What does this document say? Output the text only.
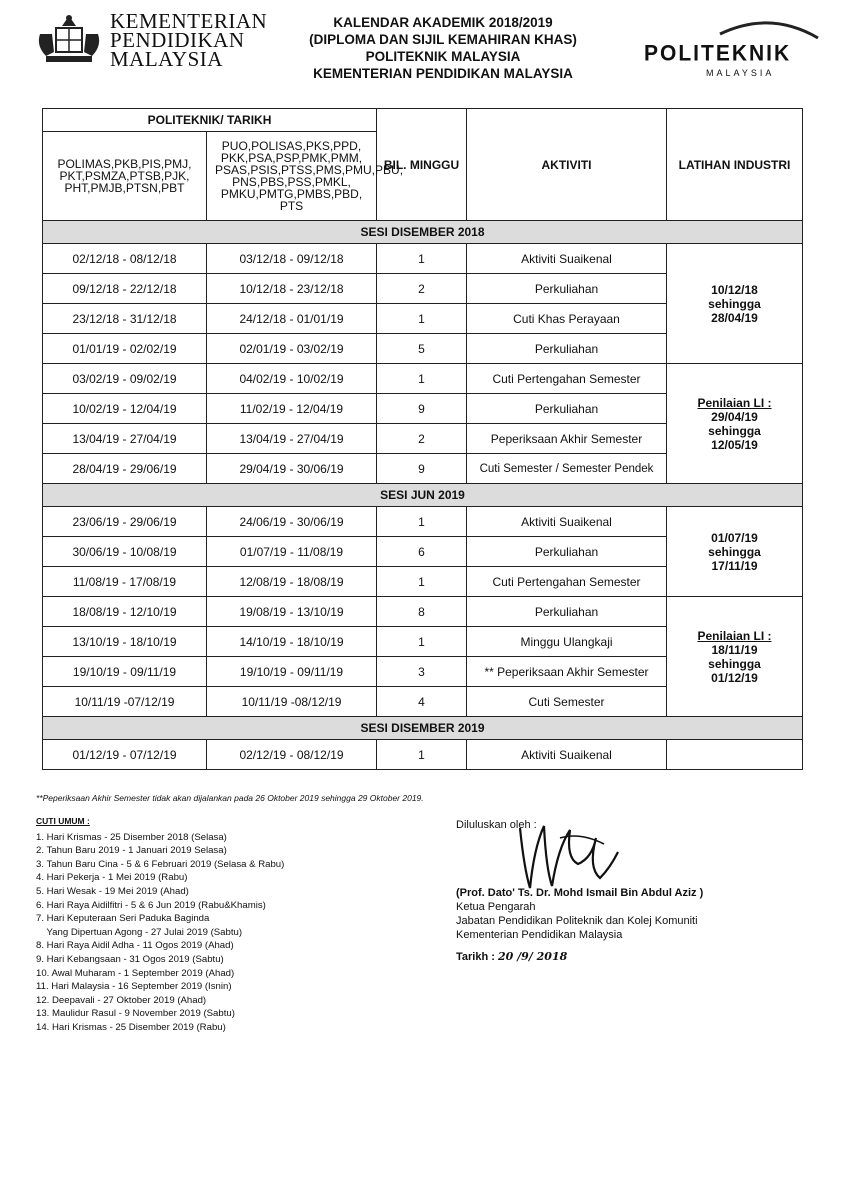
KEMENTERIAN
PENDIDIKAN
MALAYSIA
KALENDAR AKADEMIK 2018/2019
(DIPLOMA DAN SIJIL KEMAHIRAN KHAS)
POLITEKNIK MALAYSIA
KEMENTERIAN PENDIDIKAN MALAYSIA
POLITEKNIK
MALAYSIA
POLITEKNIK/ TARIKH		BIL. MINGGU	AKTIVITI	LATIHAN INDUSTRI
POLIMAS,PKB,PIS,PMJ, PKT,PSMZA,PTSB,PJK, PHT,PMJB,PTSN,PBT	PUO,POLISAS,PKS,PPD, PKK,PSA,PSP,PMK,PMM, PSAS,PSIS,PTSS,PMS,PMU,PBU, PNS,PBS,PSS,PMKL, PMKU,PMTG,PMBS,PBD, PTS			
SESI DISEMBER 2018				
02/12/18 - 08/12/18	03/12/18 - 09/12/18	1	Aktiviti Suaikenal	10/12/18
sehingga
28/04/19

09/12/18 - 22/12/18	10/12/18 - 23/12/18	2	Perkuliahan	
23/12/18 - 31/12/18	24/12/18 - 01/01/19	1	Cuti Khas Perayaan	
01/01/19 - 02/02/19	02/01/19 - 03/02/19	5	Perkuliahan	
03/02/19 - 09/02/19	04/02/19 - 10/02/19	1	Cuti Pertengahan Semester	Penilaian LI :
29/04/19
sehingga
12/05/19

10/02/19 - 12/04/19	11/02/19 - 12/04/19	9	Perkuliahan	
13/04/19 - 27/04/19	13/04/19 - 27/04/19	2	Peperiksaan Akhir Semester	
28/04/19 - 29/06/19	29/04/19 - 30/06/19	9	Cuti Semester / Semester Pendek	
SESI JUN 2019				
23/06/19 - 29/06/19	24/06/19 - 30/06/19	1	Aktiviti Suaikenal	01/07/19
sehingga
17/11/19

30/06/19 - 10/08/19	01/07/19 - 11/08/19	6	Perkuliahan	
11/08/19 - 17/08/19	12/08/19 - 18/08/19	1	Cuti Pertengahan Semester	
18/08/19 - 12/10/19	19/08/19 - 13/10/19	8	Perkuliahan	Penilaian LI :
18/11/19
sehingga
01/12/19

13/10/19 - 18/10/19	14/10/19 - 18/10/19	1	Minggu Ulangkaji	
19/10/19 - 09/11/19	19/10/19 - 09/11/19	3	** Peperiksaan Akhir Semester	
10/11/19 -07/12/19	10/11/19 -08/12/19	4	Cuti Semester	
SESI DISEMBER 2019				
01/12/19 - 07/12/19	02/12/19 - 08/12/19	1	Aktiviti Suaikenal	
**Peperiksaan Akhir Semester tidak akan dijalankan pada 26 Oktober 2019 sehingga 29 Oktober 2019.
CUTI UMUM :
1. Hari Krismas - 25 Disember 2018 (Selasa)
2. Tahun Baru 2019 - 1 Januari 2019 Selasa)
3. Tahun Baru Cina - 5 & 6 Februari 2019 (Selasa & Rabu)
4. Hari Pekerja - 1 Mei 2019 (Rabu)
5. Hari Wesak - 19 Mei 2019 (Ahad)
6. Hari Raya Aidilfitri - 5 & 6 Jun 2019 (Rabu&Khamis)
7. Hari Keputeraan Seri Paduka Baginda
Yang Dipertuan Agong - 27 Julai 2019 (Sabtu)
8. Hari Raya Aidil Adha - 11 Ogos 2019 (Ahad)
9. Hari Kebangsaan - 31 Ogos 2019 (Sabtu)
10. Awal Muharam - 1 September 2019 (Ahad)
11. Hari Malaysia - 16 September 2019 (Isnin)
12. Deepavali - 27 Oktober 2019 (Ahad)
13. Maulidur Rasul - 9 November 2019 (Sabtu)
14. Hari Krismas - 25 Disember 2019 (Rabu)
Diluluskan oleh :
(Prof. Dato' Ts. Dr. Mohd Ismail Bin Abdul Aziz )
Ketua Pengarah
Jabatan Pendidikan Politeknik dan Kolej Komuniti
Kementerian Pendidikan Malaysia
Tarikh : 20 /9/ 2018
